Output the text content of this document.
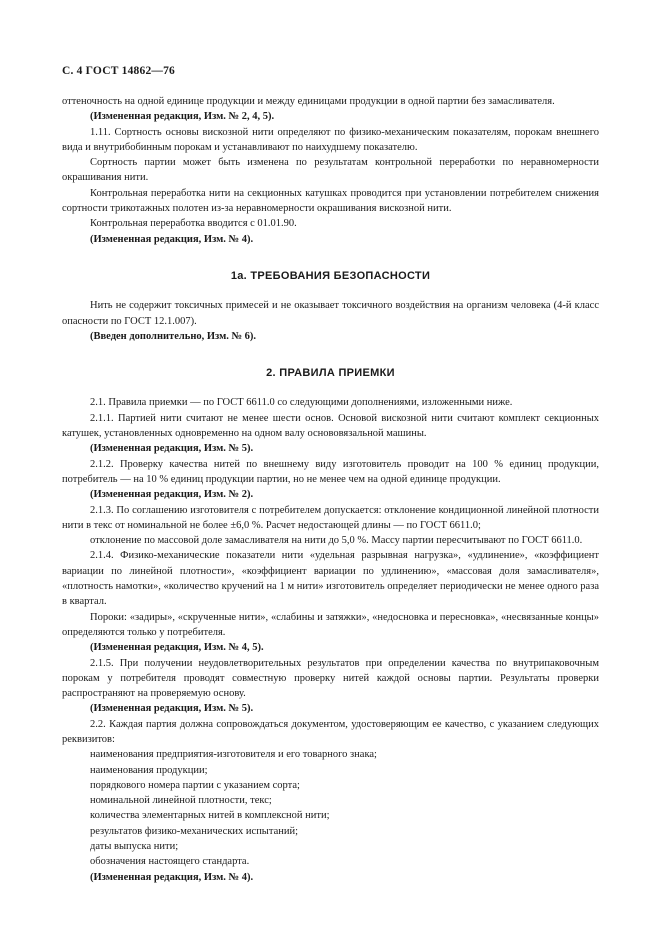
С. 4 ГОСТ 14862—76

оттеночность на одной единице продукции и между единицами продукции в одной партии без замасливателя.

(Измененная редакция, Изм. № 2, 4, 5).

1.11. Сортность основы вискозной нити определяют по физико-механическим показателям, порокам внешнего вида и внутрибобинным порокам и устанавливают по наихудшему показателю.

Сортность партии может быть изменена по результатам контрольной переработки по неравномерности окрашивания нити.

Контрольная переработка нити на секционных катушках проводится при установлении потребителем снижения сортности трикотажных полотен из-за неравномерности окрашивания вискозной нити.

Контрольная переработка вводится с 01.01.90.

(Измененная редакция, Изм. № 4).

1а. ТРЕБОВАНИЯ БЕЗОПАСНОСТИ

Нить не содержит токсичных примесей и не оказывает токсичного воздействия на организм человека (4-й класс опасности по ГОСТ 12.1.007).

(Введен дополнительно, Изм. № 6).

2. ПРАВИЛА ПРИЕМКИ

2.1. Правила приемки — по ГОСТ 6611.0 со следующими дополнениями, изложенными ниже.

2.1.1. Партией нити считают не менее шести основ. Основой вискозной нити считают комплект секционных катушек, установленных одновременно на одном валу основовязальной машины.

(Измененная редакция, Изм. № 5).

2.1.2. Проверку качества нитей по внешнему виду изготовитель проводит на 100 % единиц продукции, потребитель — на 10 % единиц продукции партии, но не менее чем на одной единице продукции.

(Измененная редакция, Изм. № 2).

2.1.3. По соглашению изготовителя с потребителем допускается: отклонение кондиционной линейной плотности нити в текс от номинальной не более ±6,0 %. Расчет недостающей длины — по ГОСТ 6611.0;

отклонение по массовой доле замасливателя на нити до 5,0 %. Массу партии пересчитывают по ГОСТ 6611.0.

2.1.4. Физико-механические показатели нити «удельная разрывная нагрузка», «удлинение», «коэффициент вариации по линейной плотности», «коэффициент вариации по удлинению», «массовая доля замасливателя», «плотность намотки», «количество кручений на 1 м нити» изготовитель определяет периодически не менее одного раза в квартал.

Пороки: «задиры», «скрученные нити», «слабины и затяжки», «недосновка и пересновка», «несвязанные концы» определяются только у потребителя.

(Измененная редакция, Изм. № 4, 5).

2.1.5. При получении неудовлетворительных результатов при определении качества по внутрипаковочным порокам у потребителя проводят совместную проверку нитей каждой основы партии. Результаты проверки распространяют на проверяемую основу.

(Измененная редакция, Изм. № 5).

2.2. Каждая партия должна сопровождаться документом, удостоверяющим ее качество, с указанием следующих реквизитов:

наименования предприятия-изготовителя и его товарного знака;

наименования продукции;

порядкового номера партии с указанием сорта;

номинальной линейной плотности, текс;

количества элементарных нитей в комплексной нити;

результатов физико-механических испытаний;

даты выпуска нити;

обозначения настоящего стандарта.

(Измененная редакция, Изм. № 4).
